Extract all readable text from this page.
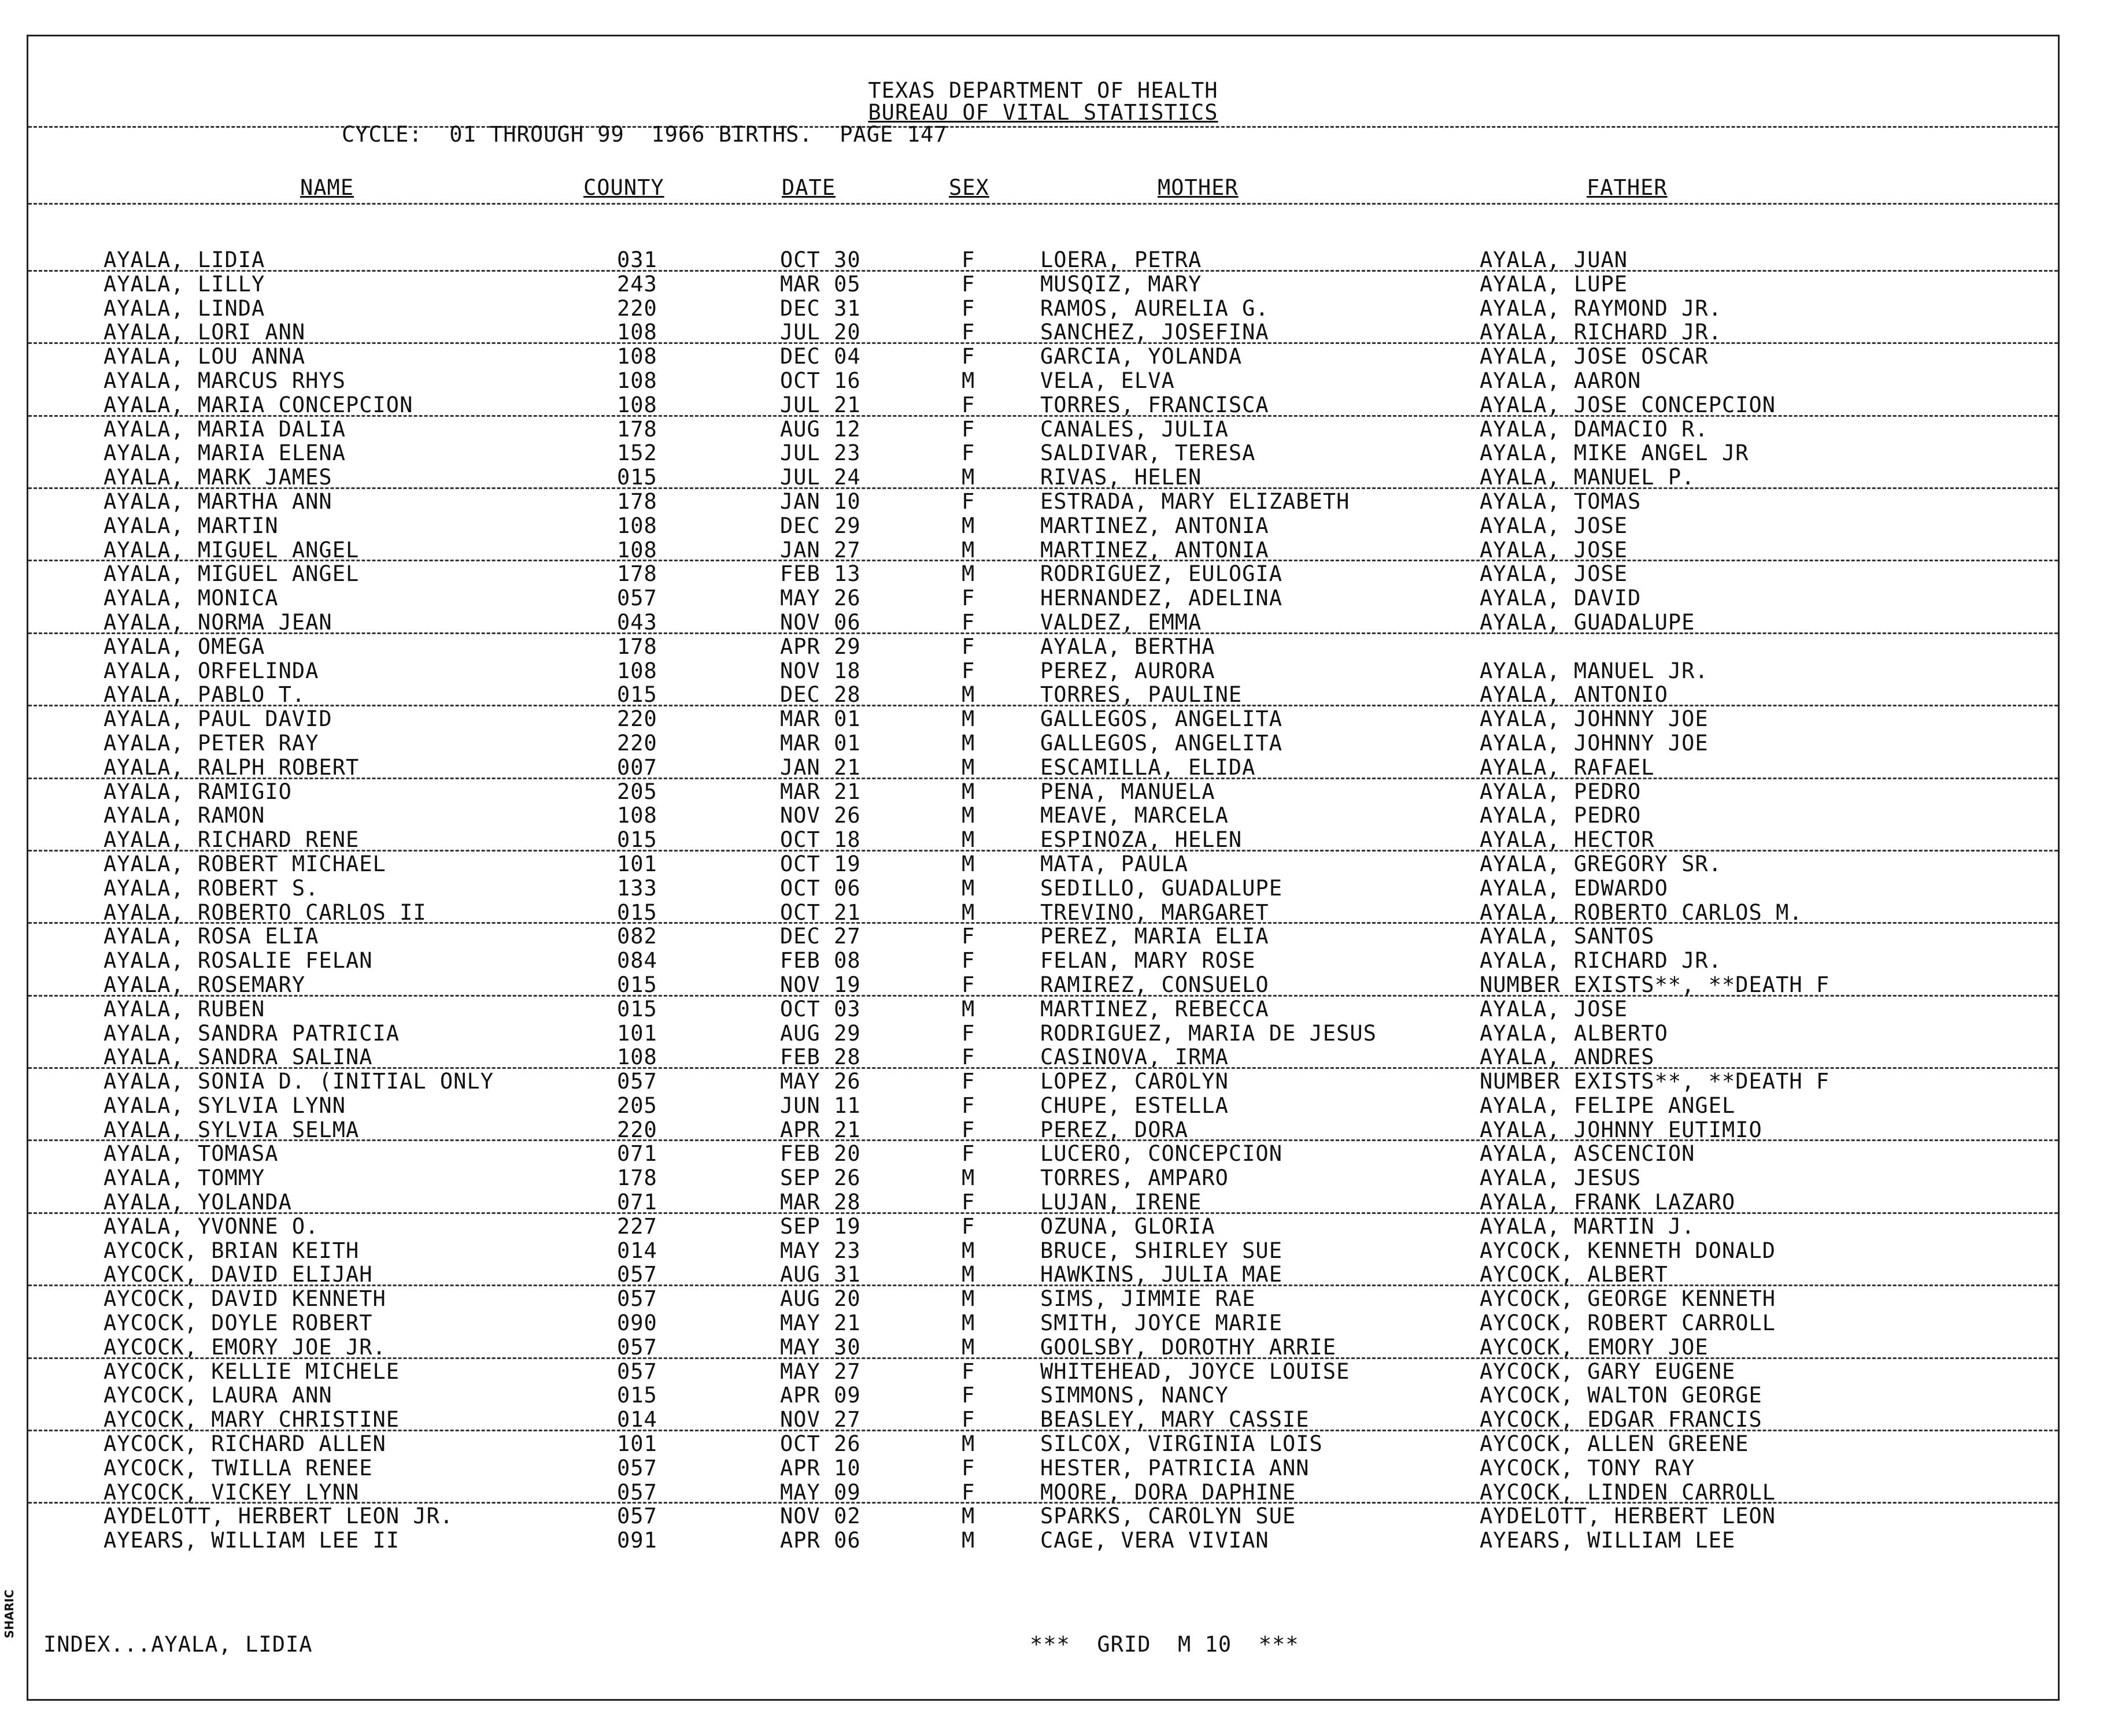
TEXAS DEPARTMENT OF HEALTH
BUREAU OF VITAL STATISTICS
CYCLE:  01 THROUGH 99  1966 BIRTHS.  PAGE 147
NAME	COUNTY	DATE	SEX	MOTHER	FATHER
AYALA, LIDIA	031	OCT 30	F	LOERA, PETRA	AYALA, JUAN
AYALA, LILLY	243	MAR 05	F	MUSQIZ, MARY	AYALA, LUPE
AYALA, LINDA	220	DEC 31	F	RAMOS, AURELIA G.	AYALA, RAYMOND JR.
AYALA, LORI ANN	108	JUL 20	F	SANCHEZ, JOSEFINA	AYALA, RICHARD JR.
AYALA, LOU ANNA	108	DEC 04	F	GARCIA, YOLANDA	AYALA, JOSE OSCAR
AYALA, MARCUS RHYS	108	OCT 16	M	VELA, ELVA	AYALA, AARON
AYALA, MARIA CONCEPCION	108	JUL 21	F	TORRES, FRANCISCA	AYALA, JOSE CONCEPCION
AYALA, MARIA DALIA	178	AUG 12	F	CANALES, JULIA	AYALA, DAMACIO R.
AYALA, MARIA ELENA	152	JUL 23	F	SALDIVAR, TERESA	AYALA, MIKE ANGEL JR
AYALA, MARK JAMES	015	JUL 24	M	RIVAS, HELEN	AYALA, MANUEL P.
AYALA, MARTHA ANN	178	JAN 10	F	ESTRADA, MARY ELIZABETH	AYALA, TOMAS
AYALA, MARTIN	108	DEC 29	M	MARTINEZ, ANTONIA	AYALA, JOSE
AYALA, MIGUEL ANGEL	108	JAN 27	M	MARTINEZ, ANTONIA	AYALA, JOSE
AYALA, MIGUEL ANGEL	178	FEB 13	M	RODRIGUEZ, EULOGIA	AYALA, JOSE
AYALA, MONICA	057	MAY 26	F	HERNANDEZ, ADELINA	AYALA, DAVID
AYALA, NORMA JEAN	043	NOV 06	F	VALDEZ, EMMA	AYALA, GUADALUPE
AYALA, OMEGA	178	APR 29	F	AYALA, BERTHA
AYALA, ORFELINDA	108	NOV 18	F	PEREZ, AURORA	AYALA, MANUEL JR.
AYALA, PABLO T.	015	DEC 28	M	TORRES, PAULINE	AYALA, ANTONIO
AYALA, PAUL DAVID	220	MAR 01	M	GALLEGOS, ANGELITA	AYALA, JOHNNY JOE
AYALA, PETER RAY	220	MAR 01	M	GALLEGOS, ANGELITA	AYALA, JOHNNY JOE
AYALA, RALPH ROBERT	007	JAN 21	M	ESCAMILLA, ELIDA	AYALA, RAFAEL
AYALA, RAMIGIO	205	MAR 21	M	PENA, MANUELA	AYALA, PEDRO
AYALA, RAMON	108	NOV 26	M	MEAVE, MARCELA	AYALA, PEDRO
AYALA, RICHARD RENE	015	OCT 18	M	ESPINOZA, HELEN	AYALA, HECTOR
AYALA, ROBERT MICHAEL	101	OCT 19	M	MATA, PAULA	AYALA, GREGORY SR.
AYALA, ROBERT S.	133	OCT 06	M	SEDILLO, GUADALUPE	AYALA, EDWARDO
AYALA, ROBERTO CARLOS II	015	OCT 21	M	TREVINO, MARGARET	AYALA, ROBERTO CARLOS M.
AYALA, ROSA ELIA	082	DEC 27	F	PEREZ, MARIA ELIA	AYALA, SANTOS
AYALA, ROSALIE FELAN	084	FEB 08	F	FELAN, MARY ROSE	AYALA, RICHARD JR.
AYALA, ROSEMARY	015	NOV 19	F	RAMIREZ, CONSUELO	NUMBER EXISTS**, **DEATH F
AYALA, RUBEN	015	OCT 03	M	MARTINEZ, REBECCA	AYALA, JOSE
AYALA, SANDRA PATRICIA	101	AUG 29	F	RODRIGUEZ, MARIA DE JESUS	AYALA, ALBERTO
AYALA, SANDRA SALINA	108	FEB 28	F	CASINOVA, IRMA	AYALA, ANDRES
AYALA, SONIA D. (INITIAL ONLY	057	MAY 26	F	LOPEZ, CAROLYN	NUMBER EXISTS**, **DEATH F
AYALA, SYLVIA LYNN	205	JUN 11	F	CHUPE, ESTELLA	AYALA, FELIPE ANGEL
AYALA, SYLVIA SELMA	220	APR 21	F	PEREZ, DORA	AYALA, JOHNNY EUTIMIO
AYALA, TOMASA	071	FEB 20	F	LUCERO, CONCEPCION	AYALA, ASCENCION
AYALA, TOMMY	178	SEP 26	M	TORRES, AMPARO	AYALA, JESUS
AYALA, YOLANDA	071	MAR 28	F	LUJAN, IRENE	AYALA, FRANK LAZARO
AYALA, YVONNE O.	227	SEP 19	F	OZUNA, GLORIA	AYALA, MARTIN J.
AYCOCK, BRIAN KEITH	014	MAY 23	M	BRUCE, SHIRLEY SUE	AYCOCK, KENNETH DONALD
AYCOCK, DAVID ELIJAH	057	AUG 31	M	HAWKINS, JULIA MAE	AYCOCK, ALBERT
AYCOCK, DAVID KENNETH	057	AUG 20	M	SIMS, JIMMIE RAE	AYCOCK, GEORGE KENNETH
AYCOCK, DOYLE ROBERT	090	MAY 21	M	SMITH, JOYCE MARIE	AYCOCK, ROBERT CARROLL
AYCOCK, EMORY JOE JR.	057	MAY 30	M	GOOLSBY, DOROTHY ARRIE	AYCOCK, EMORY JOE
AYCOCK, KELLIE MICHELE	057	MAY 27	F	WHITEHEAD, JOYCE LOUISE	AYCOCK, GARY EUGENE
AYCOCK, LAURA ANN	015	APR 09	F	SIMMONS, NANCY	AYCOCK, WALTON GEORGE
AYCOCK, MARY CHRISTINE	014	NOV 27	F	BEASLEY, MARY CASSIE	AYCOCK, EDGAR FRANCIS
AYCOCK, RICHARD ALLEN	101	OCT 26	M	SILCOX, VIRGINIA LOIS	AYCOCK, ALLEN GREENE
AYCOCK, TWILLA RENEE	057	APR 10	F	HESTER, PATRICIA ANN	AYCOCK, TONY RAY
AYCOCK, VICKEY LYNN	057	MAY 09	F	MOORE, DORA DAPHINE	AYCOCK, LINDEN CARROLL
AYDELOTT, HERBERT LEON JR.	057	NOV 02	M	SPARKS, CAROLYN SUE	AYDELOTT, HERBERT LEON
AYEARS, WILLIAM LEE II	091	APR 06	M	CAGE, VERA VIVIAN	AYEARS, WILLIAM LEE
INDEX...AYALA, LIDIA	***  GRID  M 10  ***
SHARIC
